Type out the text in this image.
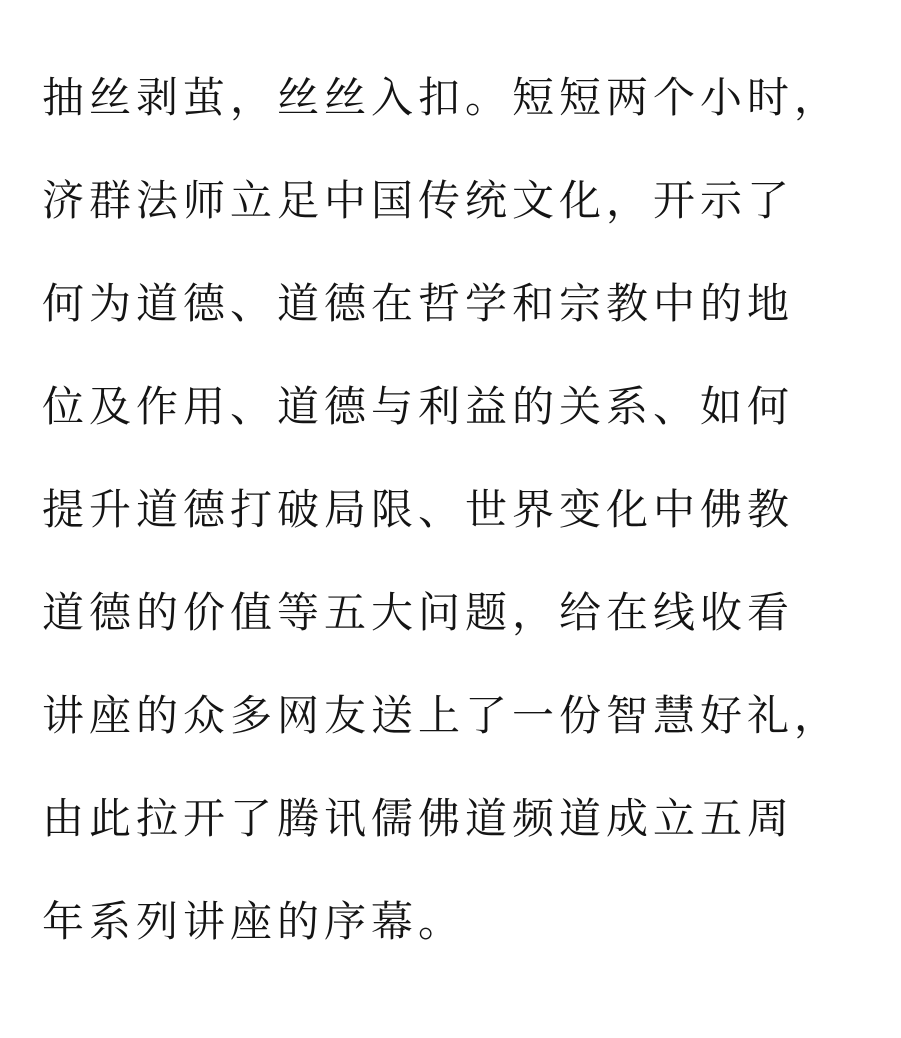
抽丝剥茧，丝丝入扣。短短两个小时，
济群法师立足中国传统文化，开示了
何为道德、道德在哲学和宗教中的地
位及作用、道德与利益的关系、如何
提升道德打破局限、世界变化中佛教
道德的价值等五大问题，给在线收看
讲座的众多网友送上了一份智慧好礼，
由此拉开了腾讯儒佛道频道成立五周
年系列讲座的序幕。
